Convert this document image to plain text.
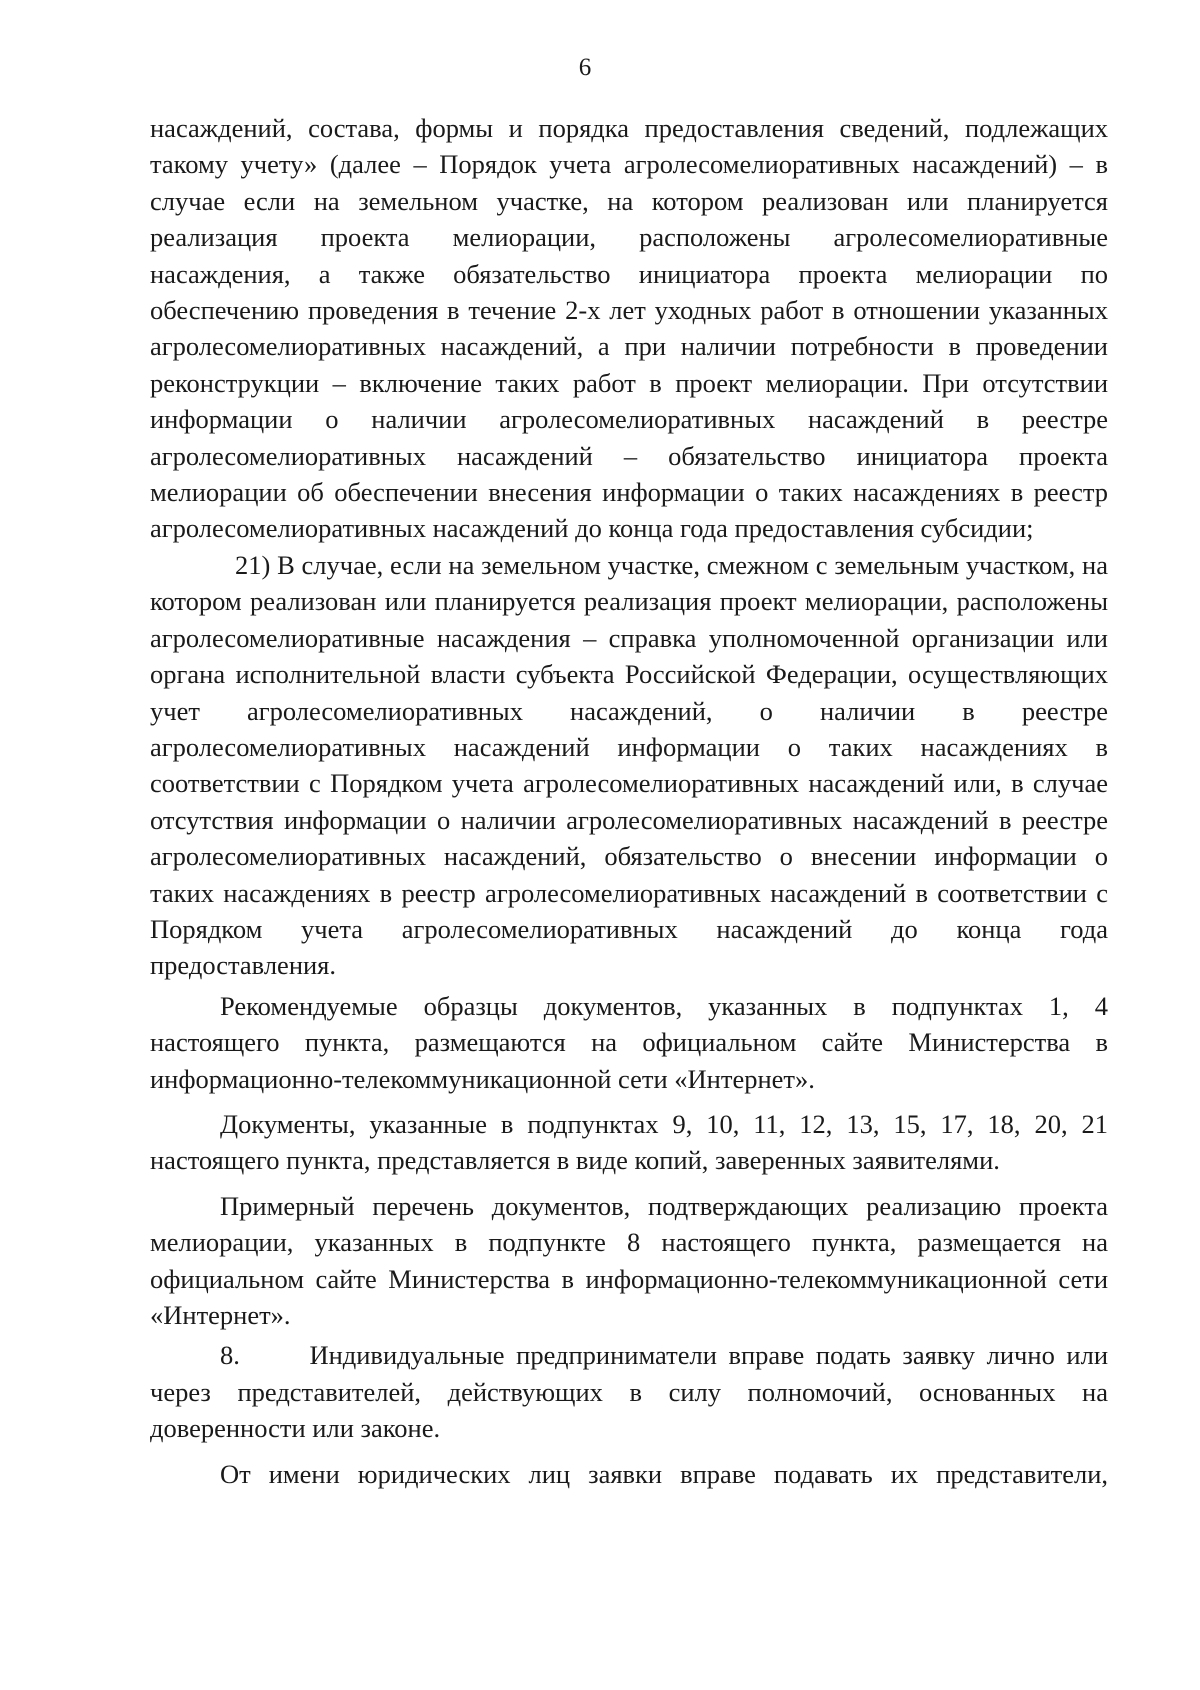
6

насаждений, состава, формы и порядка предоставления сведений, подлежащих такому учету» (далее – Порядок учета агролесомелиоративных насаждений) – в случае если на земельном участке, на котором реализован или планируется реализация проекта мелиорации, расположены агролесомелиоративные насаждения, а также обязательство инициатора проекта мелиорации по обеспечению проведения в течение 2-х лет уходных работ в отношении указанных агролесомелиоративных насаждений, а при наличии потребности в проведении реконструкции – включение таких работ в проект мелиорации. При отсутствии информации о наличии агролесомелиоративных насаждений в реестре агролесомелиоративных насаждений – обязательство инициатора проекта мелиорации об обеспечении внесения информации о таких насаждениях в реестр агролесомелиоративных насаждений до конца года предоставления субсидии;

21) В случае, если на земельном участке, смежном с земельным участком, на котором реализован или планируется реализация проект мелиорации, расположены агролесомелиоративные насаждения – справка уполномоченной организации или органа исполнительной власти субъекта Российской Федерации, осуществляющих учет агролесомелиоративных насаждений, о наличии в реестре агролесомелиоративных насаждений информации о таких насаждениях в соответствии с Порядком учета агролесомелиоративных насаждений или, в случае отсутствия информации о наличии агролесомелиоративных насаждений в реестре агролесомелиоративных насаждений, обязательство о внесении информации о таких насаждениях в реестр агролесомелиоративных насаждений в соответствии с Порядком учета агролесомелиоративных насаждений до конца года предоставления.

Рекомендуемые образцы документов, указанных в подпунктах 1, 4 настоящего пункта, размещаются на официальном сайте Министерства в информационно-телекоммуникационной сети «Интернет».

Документы, указанные в подпунктах 9, 10, 11, 12, 13, 15, 17, 18, 20, 21 настоящего пункта, представляется в виде копий, заверенных заявителями.

Примерный перечень документов, подтверждающих реализацию проекта мелиорации, указанных в подпункте 8 настоящего пункта, размещается на официальном сайте Министерства в информационно-телекоммуникационной сети «Интернет».

8.      Индивидуальные предприниматели вправе подать заявку лично или через представителей, действующих в силу полномочий, основанных на доверенности или законе.

От имени юридических лиц заявки вправе подавать их представители,
